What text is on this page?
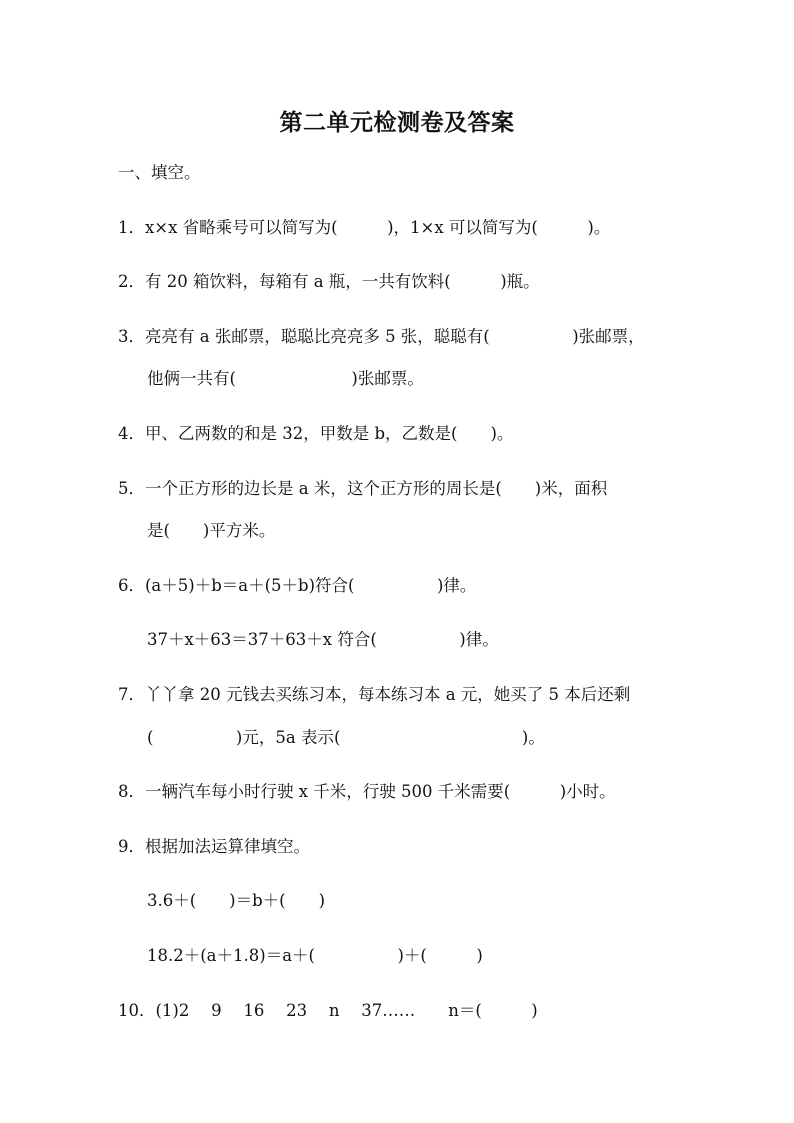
第二单元检测卷及答案
一、填空。
1．x×x 省略乘号可以简写为(　　　)，1×x 可以简写为(　　　)。
2．有 20 箱饮料，每箱有 a 瓶，一共有饮料(　　　)瓶。
3．亮亮有 a 张邮票，聪聪比亮亮多 5 张，聪聪有(　　　　　)张邮票，
他俩一共有(　　　　　　　)张邮票。
4．甲、乙两数的和是 32，甲数是 b，乙数是(　　)。
5．一个正方形的边长是 a 米，这个正方形的周长是(　　)米，面积
是(　　)平方米。
6．(a＋5)＋b＝a＋(5＋b)符合(　　　　　)律。
37＋x＋63＝37＋63＋x 符合(　　　　　)律。
7．丫丫拿 20 元钱去买练习本，每本练习本 a 元，她买了 5 本后还剩
(　　　　　)元，5a 表示(　　　　　　　　　　　)。
8．一辆汽车每小时行驶 x 千米，行驶 500 千米需要(　　　)小时。
9．根据加法运算律填空。
3.6＋(　　)＝b＋(　　)
18.2＋(a＋1.8)＝a＋(　　　　　)＋(　　　)
10．(1)2　 9　 16　 23　 n　 37……　　n＝(　　　)
